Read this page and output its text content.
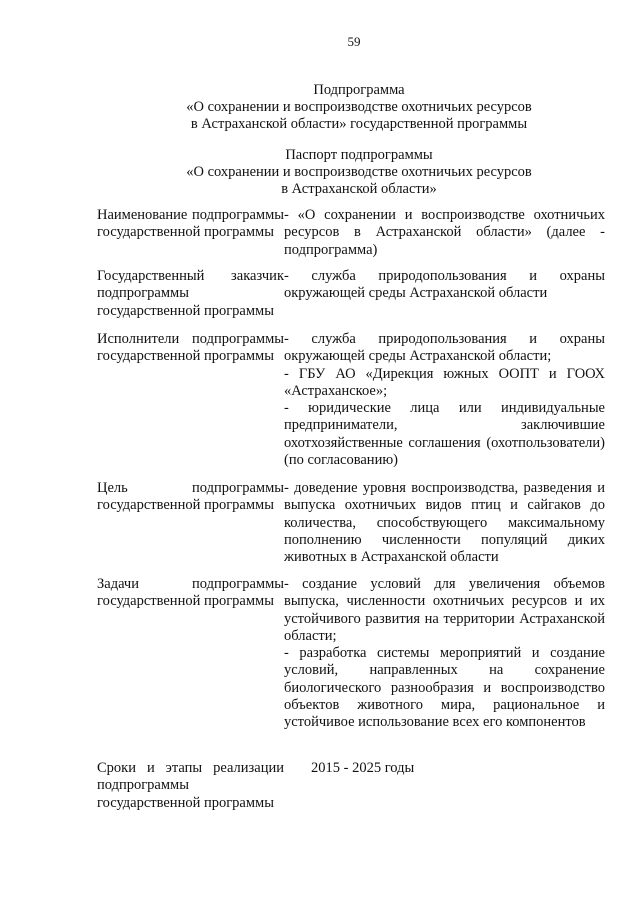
59
Подпрограмма
«О сохранении и воспроизводстве охотничьих ресурсов
в Астраханской области» государственной программы
Паспорт подпрограммы
«О сохранении и воспроизводстве охотничьих ресурсов
в Астраханской области»
Наименование подпрограммы государственной программы

- «О сохранении и воспроизводстве охотничьих ресурсов в Астраханской области» (далее - подпрограмма)

Государственный заказчик подпрограммы государственной программы

- служба природопользования и охраны окружающей среды Астраханской области

Исполнители подпрограммы государственной программы

- служба природопользования и охраны окружающей среды Астраханской области;

- ГБУ АО «Дирекция южных ООПТ и ГООХ «Астраханское»;

- юридические лица или индивидуальные предприниматели, заключившие охотхозяйственные соглашения (охотпользователи) (по согласованию)

Цель подпрограммы государственной программы

- доведение уровня воспроизводства, разведения и выпуска охотничьих видов птиц и сайгаков до количества, способствующего максимальному пополнению численности популяций диких животных в Астраханской области

Задачи подпрограммы государственной программы

- создание условий для увеличения объемов выпуска, численности охотничьих ресурсов и их устойчивого развития на территории Астраханской области;

- разработка системы мероприятий и создание условий, направленных на сохранение биологического разнообразия и воспроизводство объектов животного мира, рациональное и устойчивое использование всех его компонентов

Сроки и этапы реализации подпрограммы государственной программы

2015 - 2025 годы
